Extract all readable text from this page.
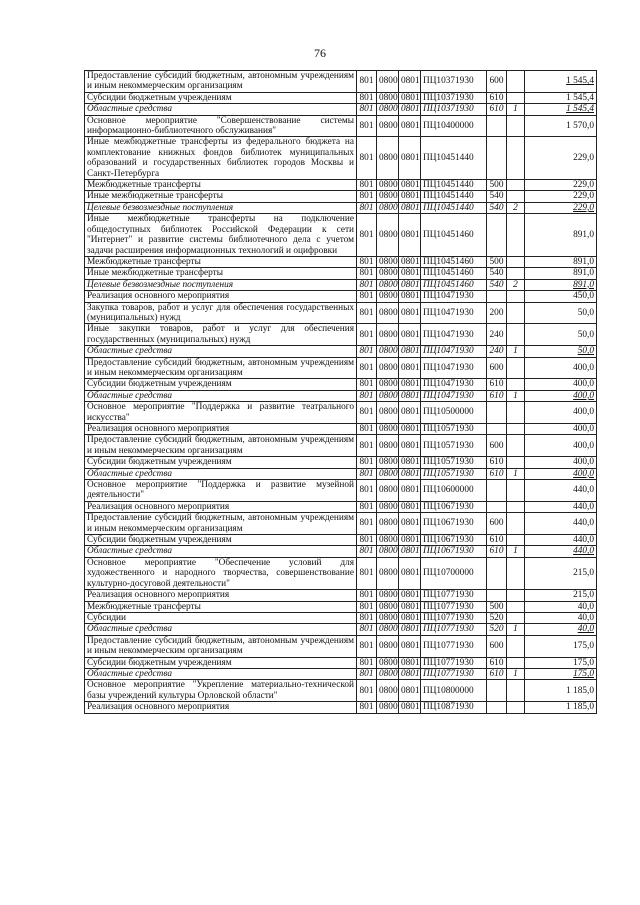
76
Предоставление субсидий бюджетным, автономным учреждениям и иным некоммерческим организациям	801	0800	0801	ПЦ10371930	600		1 545,4
Субсидии бюджетным учреждениям	801	0800	0801	ПЦ10371930	610		1 545,4
Областные средства	801	0800	0801	ПЦ10371930	610	1	1 545,4
Основное мероприятие "Совершенствование системы информационно-библиотечного обслуживания"	801	0800	0801	ПЦ10400000			1 570,0
Иные межбюджетные трансферты из федерального бюджета на комплектование книжных фондов библиотек муниципальных образований и государственных библиотек городов Москвы и Санкт-Петербурга	801	0800	0801	ПЦ10451440			229,0
Межбюджетные трансферты	801	0800	0801	ПЦ10451440	500		229,0
Иные межбюджетные трансферты	801	0800	0801	ПЦ10451440	540		229,0
Целевые безвозмездные поступления	801	0800	0801	ПЦ10451440	540	2	229,0
Иные межбюджетные трансферты на подключение общедоступных библиотек Российской Федерации к сети "Интернет" и развитие системы библиотечного дела с учетом задачи расширения информационных технологий и оцифровки	801	0800	0801	ПЦ10451460			891,0
Межбюджетные трансферты	801	0800	0801	ПЦ10451460	500		891,0
Иные межбюджетные трансферты	801	0800	0801	ПЦ10451460	540		891,0
Целевые безвозмездные поступления	801	0800	0801	ПЦ10451460	540	2	891,0
Реализация основного мероприятия	801	0800	0801	ПЦ10471930			450,0
Закупка товаров, работ и услуг для обеспечения государственных (муниципальных) нужд	801	0800	0801	ПЦ10471930	200		50,0
Иные закупки товаров, работ и услуг для обеспечения государственных (муниципальных) нужд	801	0800	0801	ПЦ10471930	240		50,0
Областные средства	801	0800	0801	ПЦ10471930	240	1	50,0
Предоставление субсидий бюджетным, автономным учреждениям и иным некоммерческим организациям	801	0800	0801	ПЦ10471930	600		400,0
Субсидии бюджетным учреждениям	801	0800	0801	ПЦ10471930	610		400,0
Областные средства	801	0800	0801	ПЦ10471930	610	1	400,0
Основное мероприятие "Поддержка и развитие театрального искусства"	801	0800	0801	ПЦ10500000			400,0
Реализация основного мероприятия	801	0800	0801	ПЦ10571930			400,0
Предоставление субсидий бюджетным, автономным учреждениям и иным некоммерческим организациям	801	0800	0801	ПЦ10571930	600		400,0
Субсидии бюджетным учреждениям	801	0800	0801	ПЦ10571930	610		400,0
Областные средства	801	0800	0801	ПЦ10571930	610	1	400,0
Основное мероприятие "Поддержка и развитие музейной деятельности"	801	0800	0801	ПЦ10600000			440,0
Реализация основного мероприятия	801	0800	0801	ПЦ10671930			440,0
Предоставление субсидий бюджетным, автономным учреждениям и иным некоммерческим организациям	801	0800	0801	ПЦ10671930	600		440,0
Субсидии бюджетным учреждениям	801	0800	0801	ПЦ10671930	610		440,0
Областные средства	801	0800	0801	ПЦ10671930	610	1	440,0
Основное мероприятие "Обеспечение условий для художественного и народного творчества, совершенствование культурно-досуговой деятельности"	801	0800	0801	ПЦ10700000			215,0
Реализация основного мероприятия	801	0800	0801	ПЦ10771930			215,0
Межбюджетные трансферты	801	0800	0801	ПЦ10771930	500		40,0
Субсидии	801	0800	0801	ПЦ10771930	520		40,0
Областные средства	801	0800	0801	ПЦ10771930	520	1	40,0
Предоставление субсидий бюджетным, автономным учреждениям и иным некоммерческим организациям	801	0800	0801	ПЦ10771930	600		175,0
Субсидии бюджетным учреждениям	801	0800	0801	ПЦ10771930	610		175,0
Областные средства	801	0800	0801	ПЦ10771930	610	1	175,0
Основное мероприятие "Укрепление материально-технической базы учреждений культуры Орловской области"	801	0800	0801	ПЦ10800000			1 185,0
Реализация основного мероприятия	801	0800	0801	ПЦ10871930			1 185,0
